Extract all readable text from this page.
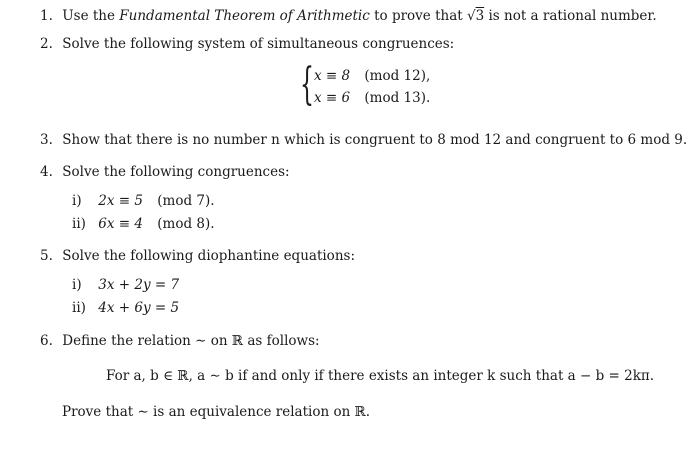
1. Use the Fundamental Theorem of Arithmetic to prove that √3 is not a rational number.
2. Solve the following system of simultaneous congruences:
{ x ≡ 8 (mod 12),
x ≡ 6 (mod 13).
3. Show that there is no number n which is congruent to 8 mod 12 and congruent to 6 mod 9.
4. Solve the following congruences:
i) 2x ≡ 5 (mod 7).
ii) 6x ≡ 4 (mod 8).
5. Solve the following diophantine equations:
i) 3x + 2y = 7
ii) 4x + 6y = 5
6. Define the relation ∼ on ℝ as follows:
For a, b ∈ ℝ, a ∼ b if and only if there exists an integer k such that a − b = 2kπ.
Prove that ∼ is an equivalence relation on ℝ.
